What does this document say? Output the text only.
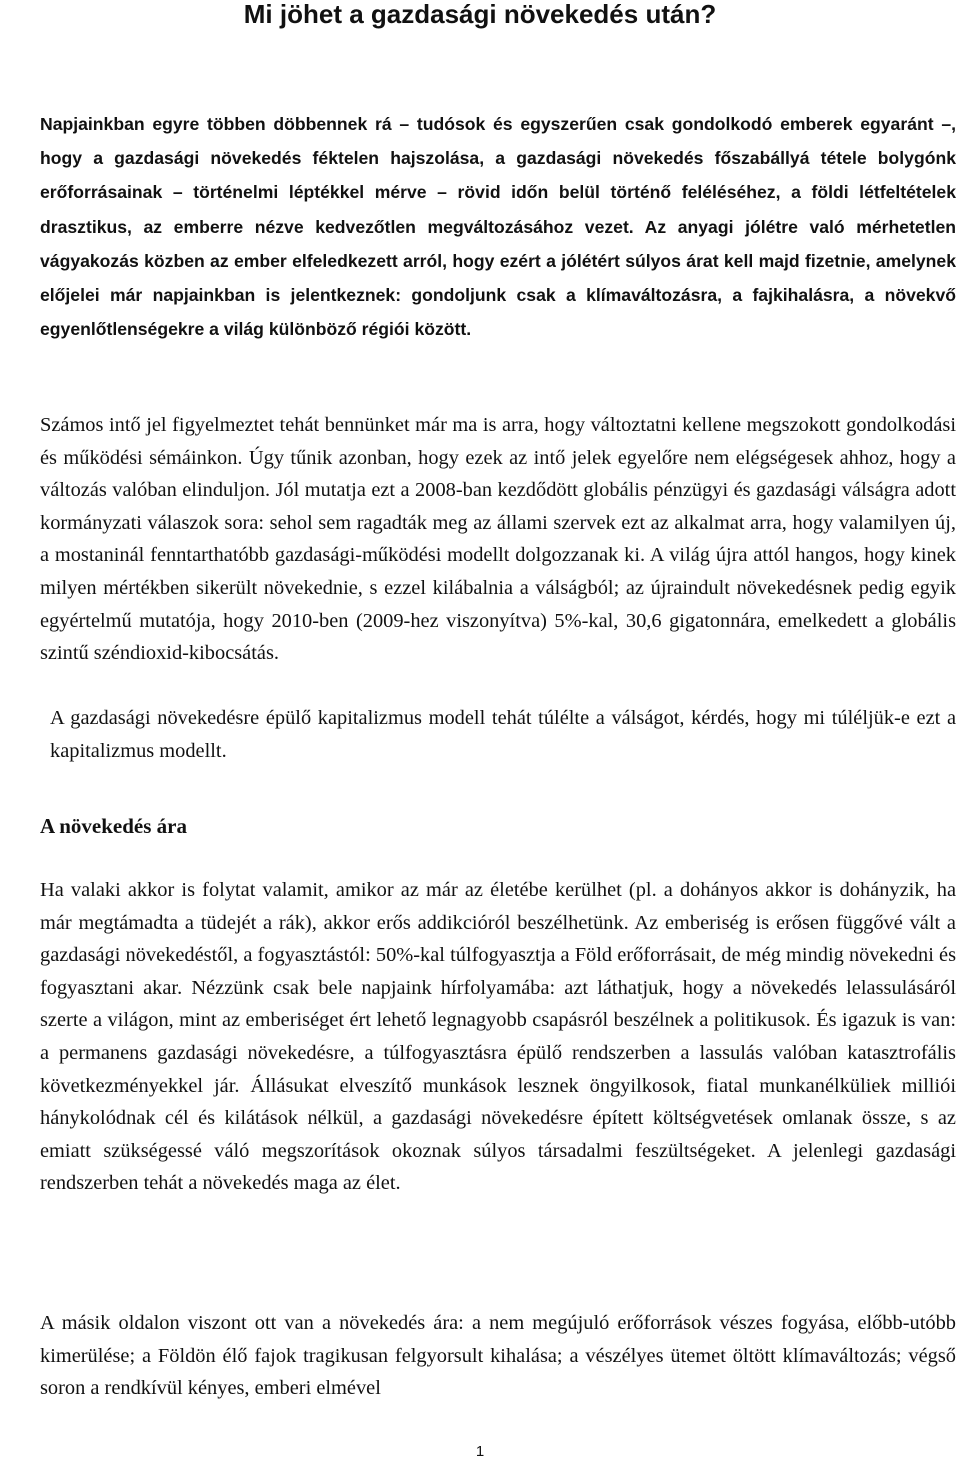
Mi jöhet a gazdasági növekedés után?

Napjainkban egyre többen döbbennek rá – tudósok és egyszerűen csak gondolkodó emberek egyaránt –, hogy a gazdasági növekedés féktelen hajszolása, a gazdasági növekedés főszabállyá tétele bolygónk erőforrásainak – történelmi léptékkel mérve – rövid időn belül történő feléléséhez, a földi létfeltételek drasztikus, az emberre nézve kedvezőtlen megváltozásához vezet. Az anyagi jólétre való mérhetetlen vágyakozás közben az ember elfeledkezett arról, hogy ezért a jólétért súlyos árat kell majd fizetnie, amelynek előjelei már napjainkban is jelentkeznek: gondoljunk csak a klímaváltozásra, a fajkihalásra, a növekvő egyenlőtlenségekre a világ különböző régiói között.

Számos intő jel figyelmeztet tehát bennünket már ma is arra, hogy változtatni kellene megszokott gondolkodási és működési sémáinkon. Úgy tűnik azonban, hogy ezek az intő jelek egyelőre nem elégségesek ahhoz, hogy a változás valóban elinduljon. Jól mutatja ezt a 2008-ban kezdődött globális pénzügyi és gazdasági válságra adott kormányzati válaszok sora: sehol sem ragadták meg az állami szervek ezt az alkalmat arra, hogy valamilyen új, a mostaninál fenntarthatóbb gazdasági-működési modellt dolgozzanak ki. A világ újra attól hangos, hogy kinek milyen mértékben sikerült növekednie, s ezzel kilábalnia a válságból; az újraindult növekedésnek pedig egyik egyértelmű mutatója, hogy 2010-ben (2009-hez viszonyítva) 5%-kal, 30,6 gigatonnára, emelkedett a globális szintű széndioxid-kibocsátás.

A gazdasági növekedésre épülő kapitalizmus modell tehát túlélte a válságot, kérdés, hogy mi túléljük-e ezt a kapitalizmus modellt.

A növekedés ára

Ha valaki akkor is folytat valamit, amikor az már az életébe kerülhet (pl. a dohányos akkor is dohányzik, ha már megtámadta a tüdejét a rák), akkor erős addikcióról beszélhetünk. Az emberiség is erősen függővé vált a gazdasági növekedéstől, a fogyasztástól: 50%-kal túlfogyasztja a Föld erőforrásait, de még mindig növekedni és fogyasztani akar. Nézzünk csak bele napjaink hírfolyamába: azt láthatjuk, hogy a növekedés lelassulásáról szerte a világon, mint az emberiséget ért lehető legnagyobb csapásról beszélnek a politikusok. És igazuk is van: a permanens gazdasági növekedésre, a túlfogyasztásra épülő rendszerben a lassulás valóban katasztrofális következményekkel jár. Állásukat elveszítő munkások lesznek öngyilkosok, fiatal munkanélküliek milliói hánykolódnak cél és kilátások nélkül, a gazdasági növekedésre épített költségvetések omlanak össze, s az emiatt szükségessé váló megszorítások okoznak súlyos társadalmi feszültségeket. A jelenlegi gazdasági rendszerben tehát a növekedés maga az élet.

A másik oldalon viszont ott van a növekedés ára: a nem megújuló erőforrások vészes fogyása, előbb-utóbb kimerülése; a Földön élő fajok tragikusan felgyorsult kihalása; a vészélyes ütemet öltött klímaváltozás; végső soron a rendkívül kényes, emberi elmével

1
